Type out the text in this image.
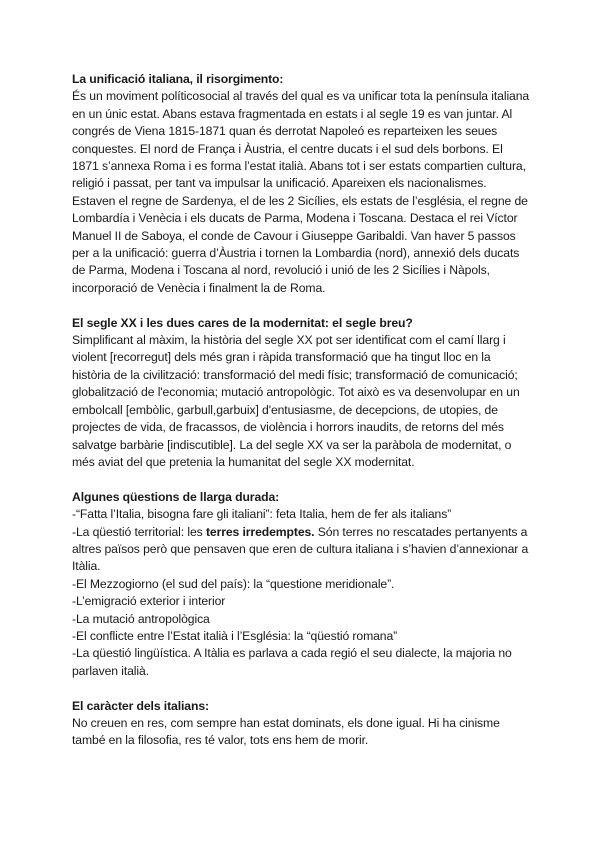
La unificació italiana, il risorgimento:

És un moviment políticosocial al través del qual es va unificar tota la península italiana en un únic estat. Abans estava fragmentada en estats i al segle 19 es van juntar. Al congrés de Viena 1815-1871 quan és derrotat Napoleó es reparteixen les seues conquestes. El nord de França i Àustria, el centre ducats i el sud dels borbons. El 1871 s’annexa Roma i es forma l’estat italià. Abans tot i ser estats compartien cultura, religió i passat, per tant va impulsar la unificació. Apareixen els nacionalismes. Estaven el regne de Sardenya, el de les 2 Sicílies, els estats de l’església, el regne de Lombardía i Venècia i els ducats de Parma, Modena i Toscana. Destaca el rei Víctor Manuel II de Saboya, el conde de Cavour i Giuseppe Garibaldi. Van haver 5 passos per a la unificació: guerra d’Àustria i tornen la Lombardia (nord), annexió dels ducats de Parma, Modena i Toscana al nord, revolució i unió de les 2 Sicílies i Nàpols, incorporació de Venècia i finalment la de Roma.

El segle XX i les dues cares de la modernitat: el segle breu?

Simplificant al màxim, la història del segle XX pot ser identificat com el camí llarg i violent [recorregut] dels més gran i ràpida transformació que ha tingut lloc en la història de la civilització: transformació del medi físic; transformació de comunicació; globalització de l'economia; mutació antropològic. Tot això es va desenvolupar en un embolcall [embòlic, garbull,garbuix] d'entusiasme, de decepcions, de utopies, de projectes de vida, de fracassos, de violència i horrors inaudits, de retorns del més salvatge barbàrie [indiscutible]. La del segle XX va ser la paràbola de modernitat, o més aviat del que pretenia la humanitat del segle XX modernitat.

Algunes qüestions de llarga durada:

-“Fatta l’Italia, bisogna fare gli italiani”: feta Italia, hem de fer als italians”

-La qüestió territorial: les terres irredemptes. Són terres no rescatades pertanyents a altres països però que pensaven que eren de cultura italiana i s’havien d’annexionar a Itàlia.

-El Mezzogiorno (el sud del país): la “questione meridionale”.

-L’emigració exterior i interior

-La mutació antropològica

-El conflicte entre l’Estat italià i l’Església: la “qüestió romana”

-La qüestió lingüística. A Itàlia es parlava a cada regió el seu dialecte, la majoria no parlaven italià.

El caràcter dels italians:

No creuen en res, com sempre han estat dominats, els done igual. Hi ha cinisme també en la filosofia, res té valor, tots ens hem de morir.
